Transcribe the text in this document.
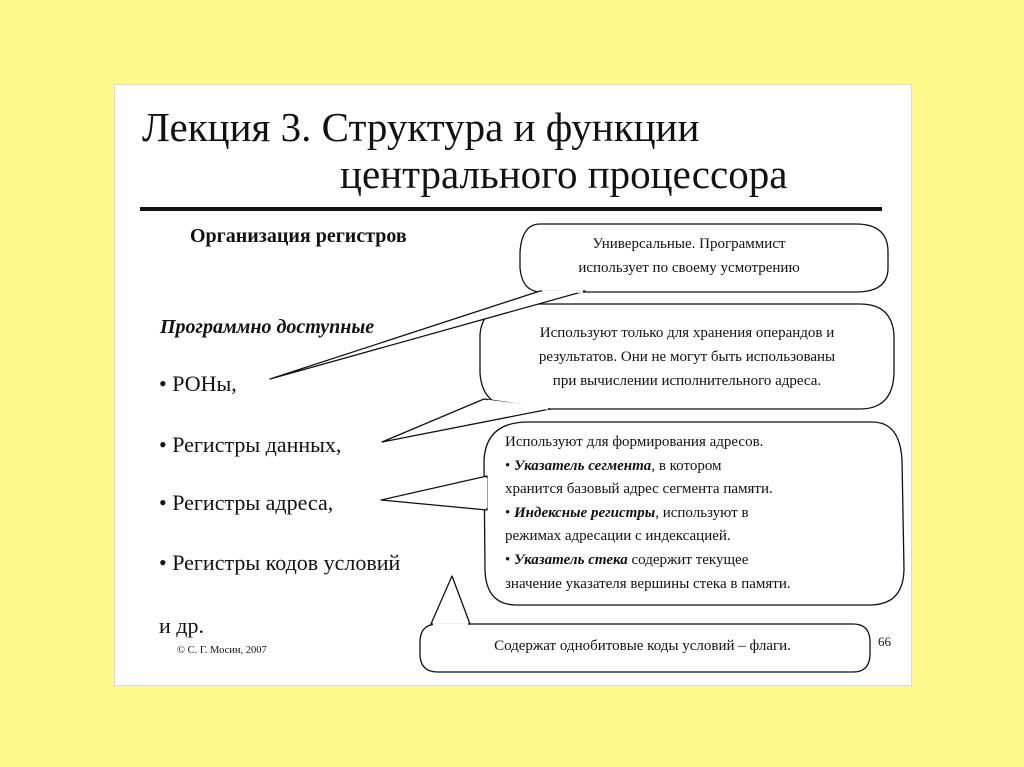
Лекция 3. Структура и функции
центрального процессора
Организация регистров
Программно доступные
• РОНы,
• Регистры данных,
• Регистры адреса,
• Регистры кодов условий
и др.
Универсальные. Программист
использует по своему усмотрению
Используют только для хранения операндов и
результатов. Они не могут быть использованы
при вычислении исполнительного адреса.
Используют для формирования адресов.
• Указатель сегмента, в котором
хранится базовый адрес сегмента памяти.
• Индексные регистры, используют в
режимах адресации с индексацией.
• Указатель стека содержит текущее
значение указателя вершины стека в памяти.
Содержат однобитовые коды условий – флаги.
© С. Г. Мосин, 2007
66
